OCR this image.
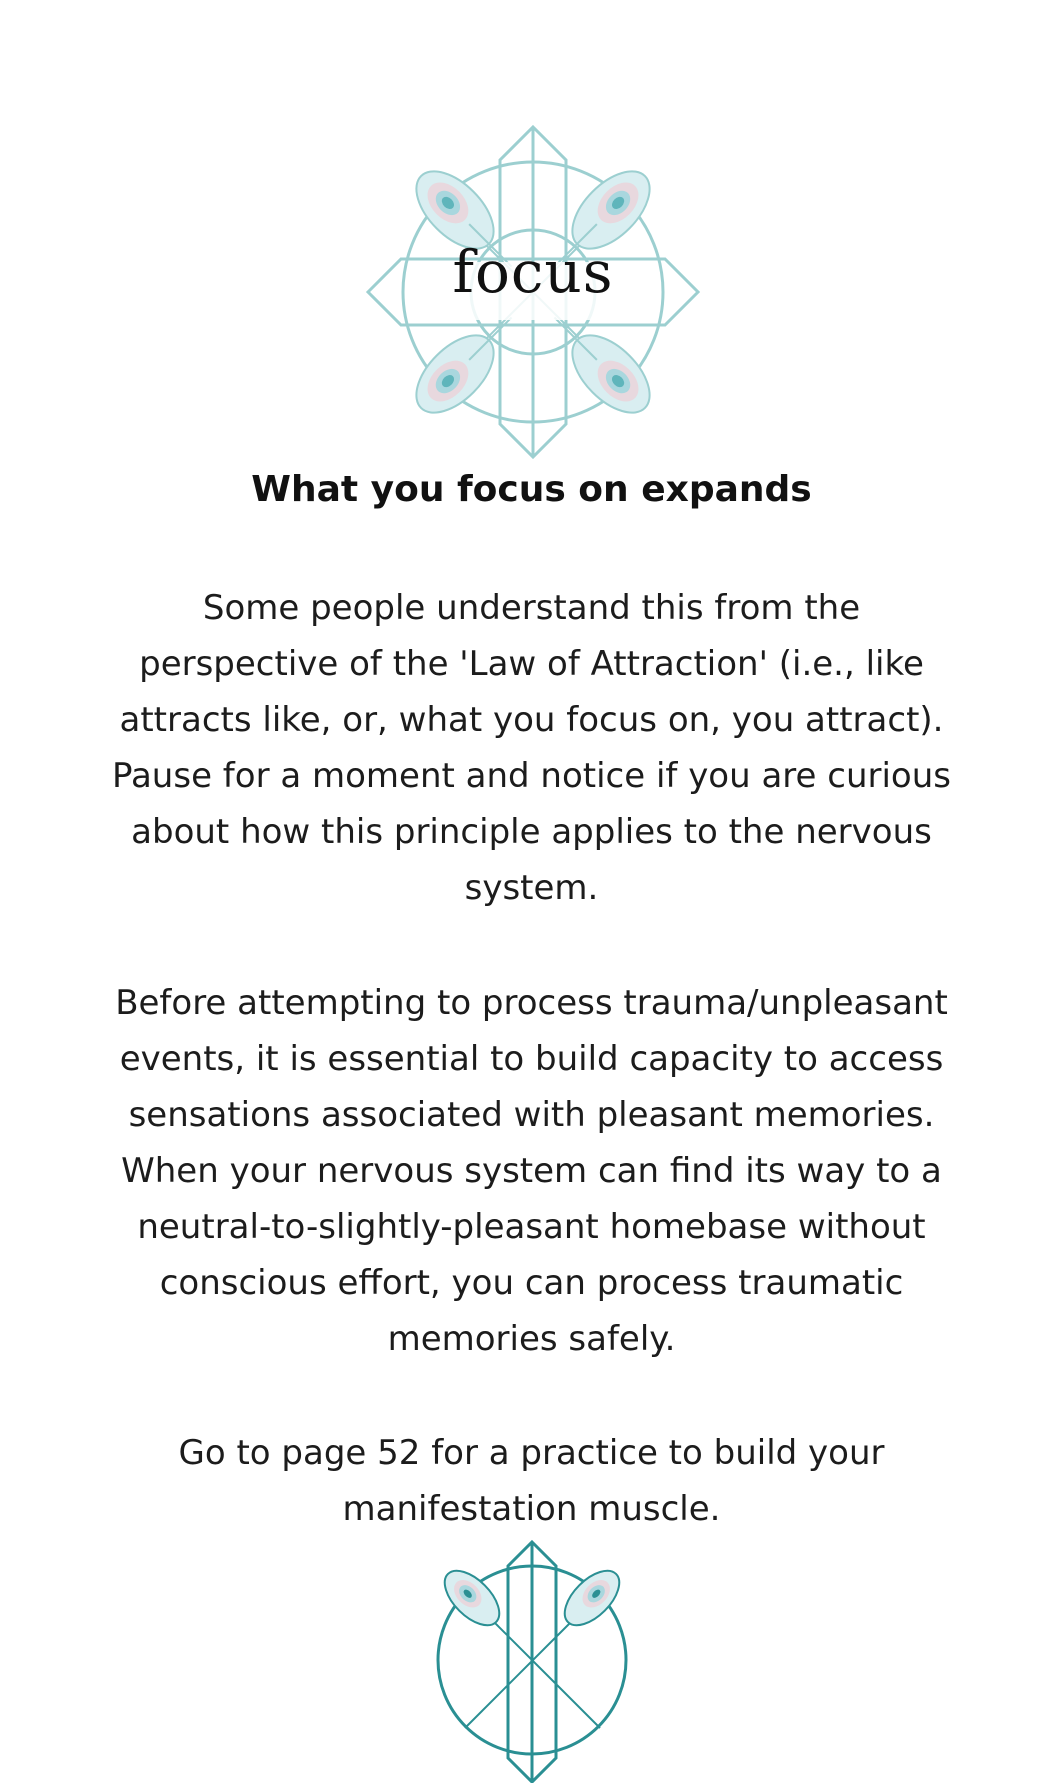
focus
What you focus on expands
Some people understand this from the perspective of the 'Law of Attraction' (i.e., like attracts like, or, what you focus on, you attract). Pause for a moment and notice if you are curious about how this principle applies to the nervous system.
Before attempting to process trauma/unpleasant events, it is essential to build capacity to access sensations associated with pleasant memories. When your nervous system can find its way to a neutral-to-slightly-pleasant homebase without conscious effort, you can process traumatic memories safely.
Go to page 52 for a practice to build your manifestation muscle.
